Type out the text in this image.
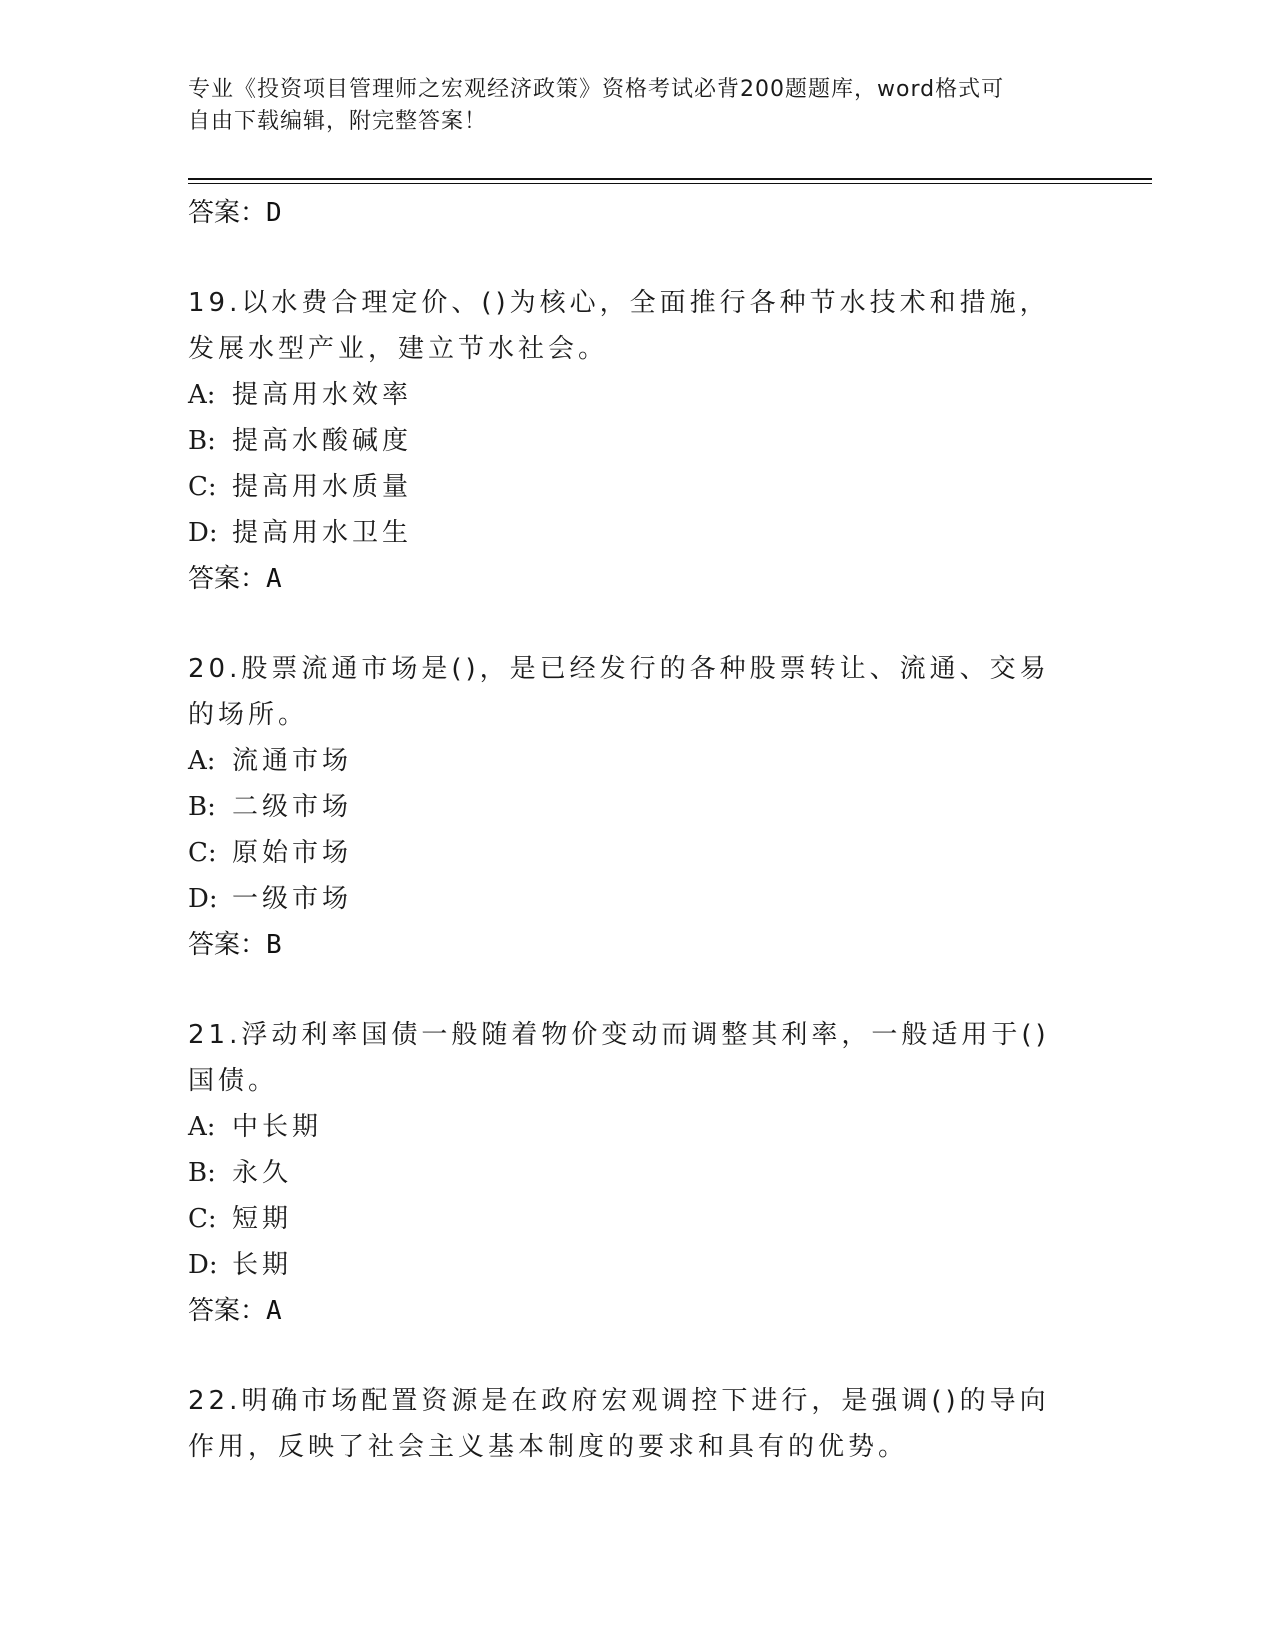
专业《投资项目管理师之宏观经济政策》资格考试必背200题题库，word格式可
自由下载编辑，附完整答案！
答案：D
19.以水费合理定价、()为核心，全面推行各种节水技术和措施，发展水型产业，建立节水社会。
A: 提高用水效率
B: 提高水酸碱度
C: 提高用水质量
D: 提高用水卫生
答案：A
20.股票流通市场是()，是已经发行的各种股票转让、流通、交易的场所。
A: 流通市场
B: 二级市场
C: 原始市场
D: 一级市场
答案：B
21.浮动利率国债一般随着物价变动而调整其利率，一般适用于()国债。
A: 中长期
B: 永久
C: 短期
D: 长期
答案：A
22.明确市场配置资源是在政府宏观调控下进行，是强调()的导向作用，反映了社会主义基本制度的要求和具有的优势。
